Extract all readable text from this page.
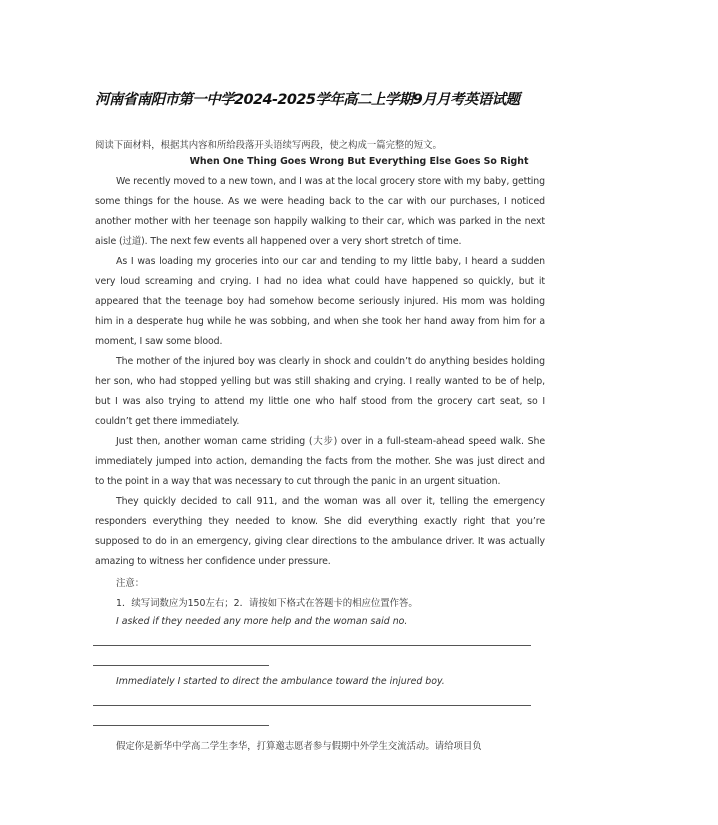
河南省南阳市第一中学2024-2025学年高二上学期9月月考英语试题
阅读下面材料，根据其内容和所给段落开头语续写两段，使之构成一篇完整的短文。
When One Thing Goes Wrong But Everything Else Goes So Right
We recently moved to a new town, and I was at the local grocery store with my baby, getting some things for the house. As we were heading back to the car with our purchases, I noticed another mother with her teenage son happily walking to their car, which was parked in the next aisle (过道). The next few events all happened over a very short stretch of time.
As I was loading my groceries into our car and tending to my little baby, I heard a sudden very loud screaming and crying. I had no idea what could have happened so quickly, but it appeared that the teenage boy had somehow become seriously injured. His mom was holding him in a desperate hug while he was sobbing, and when she took her hand away from him for a moment, I saw some blood.
The mother of the injured boy was clearly in shock and couldn’t do anything besides holding her son, who had stopped yelling but was still shaking and crying. I really wanted to be of help, but I was also trying to attend my little one who half stood from the grocery cart seat, so I couldn’t get there immediately.
Just then, another woman came striding (大步) over in a full-steam-ahead speed walk. She immediately jumped into action, demanding the facts from the mother. She was just direct and to the point in a way that was necessary to cut through the panic in an urgent situation.
They quickly decided to call 911, and the woman was all over it, telling the emergency responders everything they needed to know. She did everything exactly right that you’re supposed to do in an emergency, giving clear directions to the ambulance driver. It was actually amazing to witness her confidence under pressure.
注意：
1．续写词数应为150左右；2．请按如下格式在答题卡的相应位置作答。
I asked if they needed any more help and the woman said no.
Immediately I started to direct the ambulance toward the injured boy.
假定你是新华中学高二学生李华，打算邀志愿者参与假期中外学生交流活动。请给项目负
